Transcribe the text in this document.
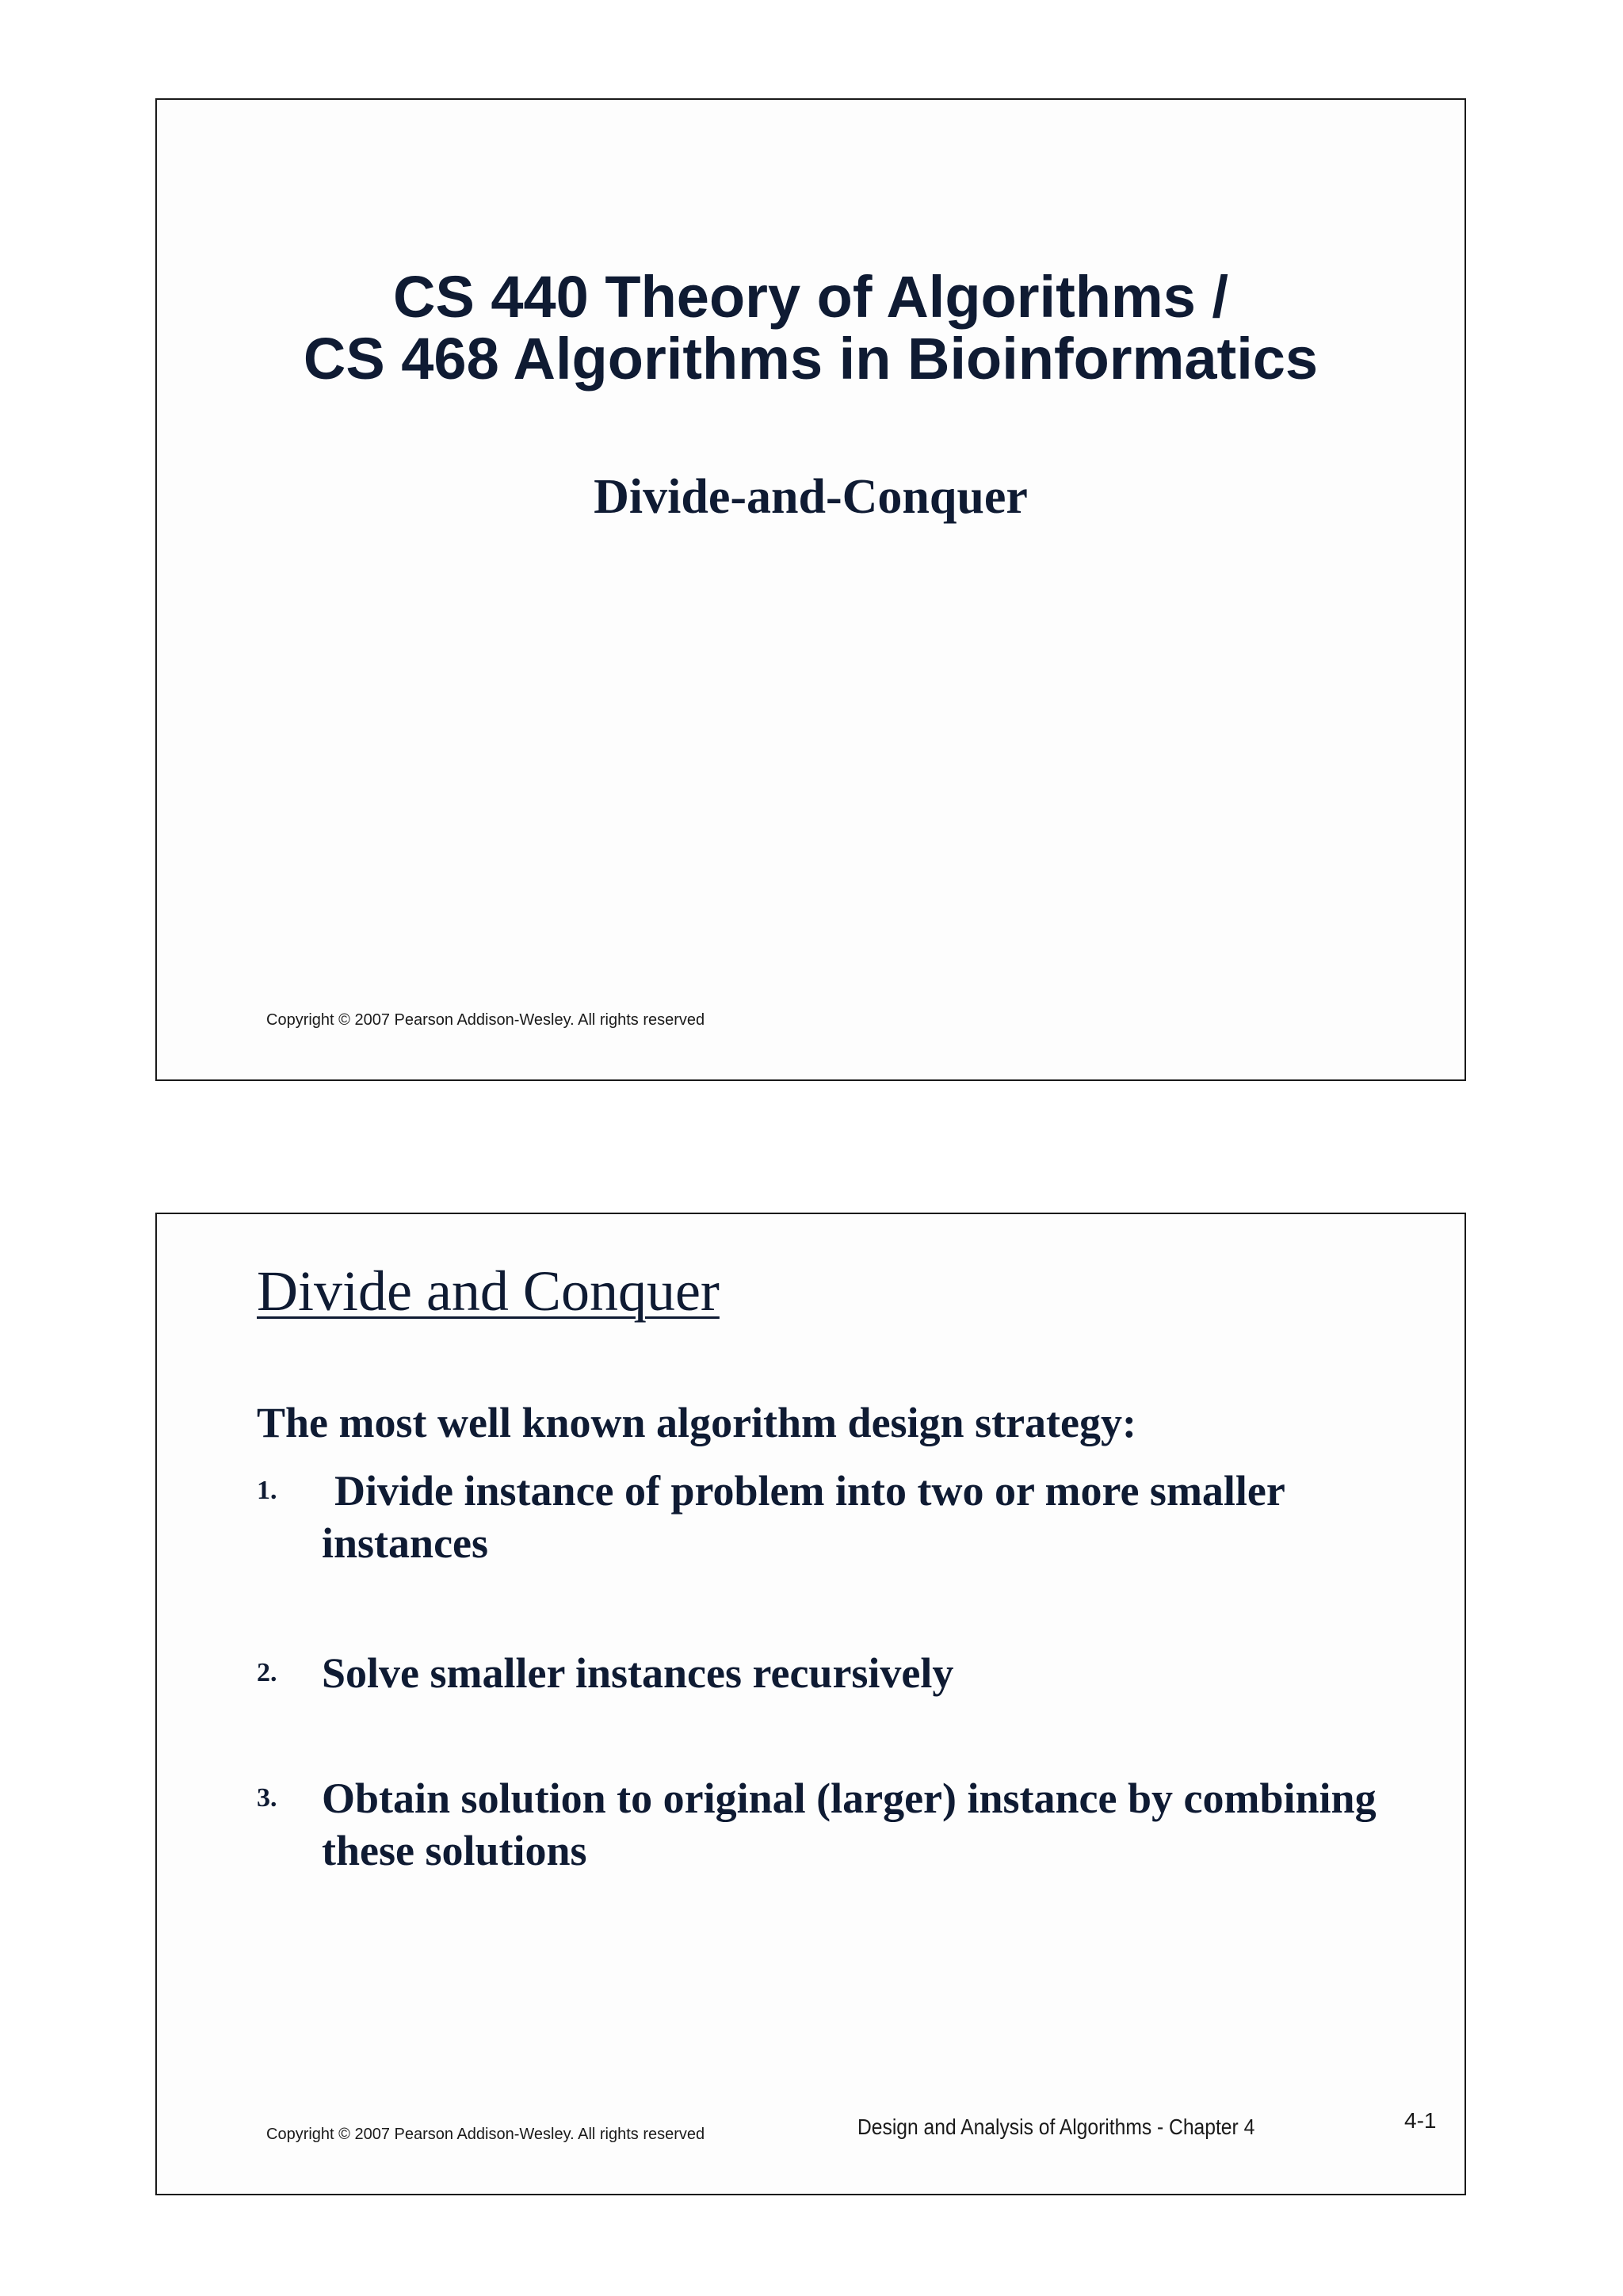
CS 440 Theory of Algorithms /
CS 468 Algorithms in Bioinformatics
Divide-and-Conquer
Copyright © 2007 Pearson Addison-Wesley. All rights reserved
Divide and Conquer
The most well known algorithm design strategy:
1. Divide instance of problem into two or more smaller
instances
2. Solve smaller instances recursively
3. Obtain solution to original (larger) instance by combining
these solutions
Copyright © 2007 Pearson Addison-Wesley. All rights reserved	Design and Analysis of Algorithms - Chapter 4	4-1
